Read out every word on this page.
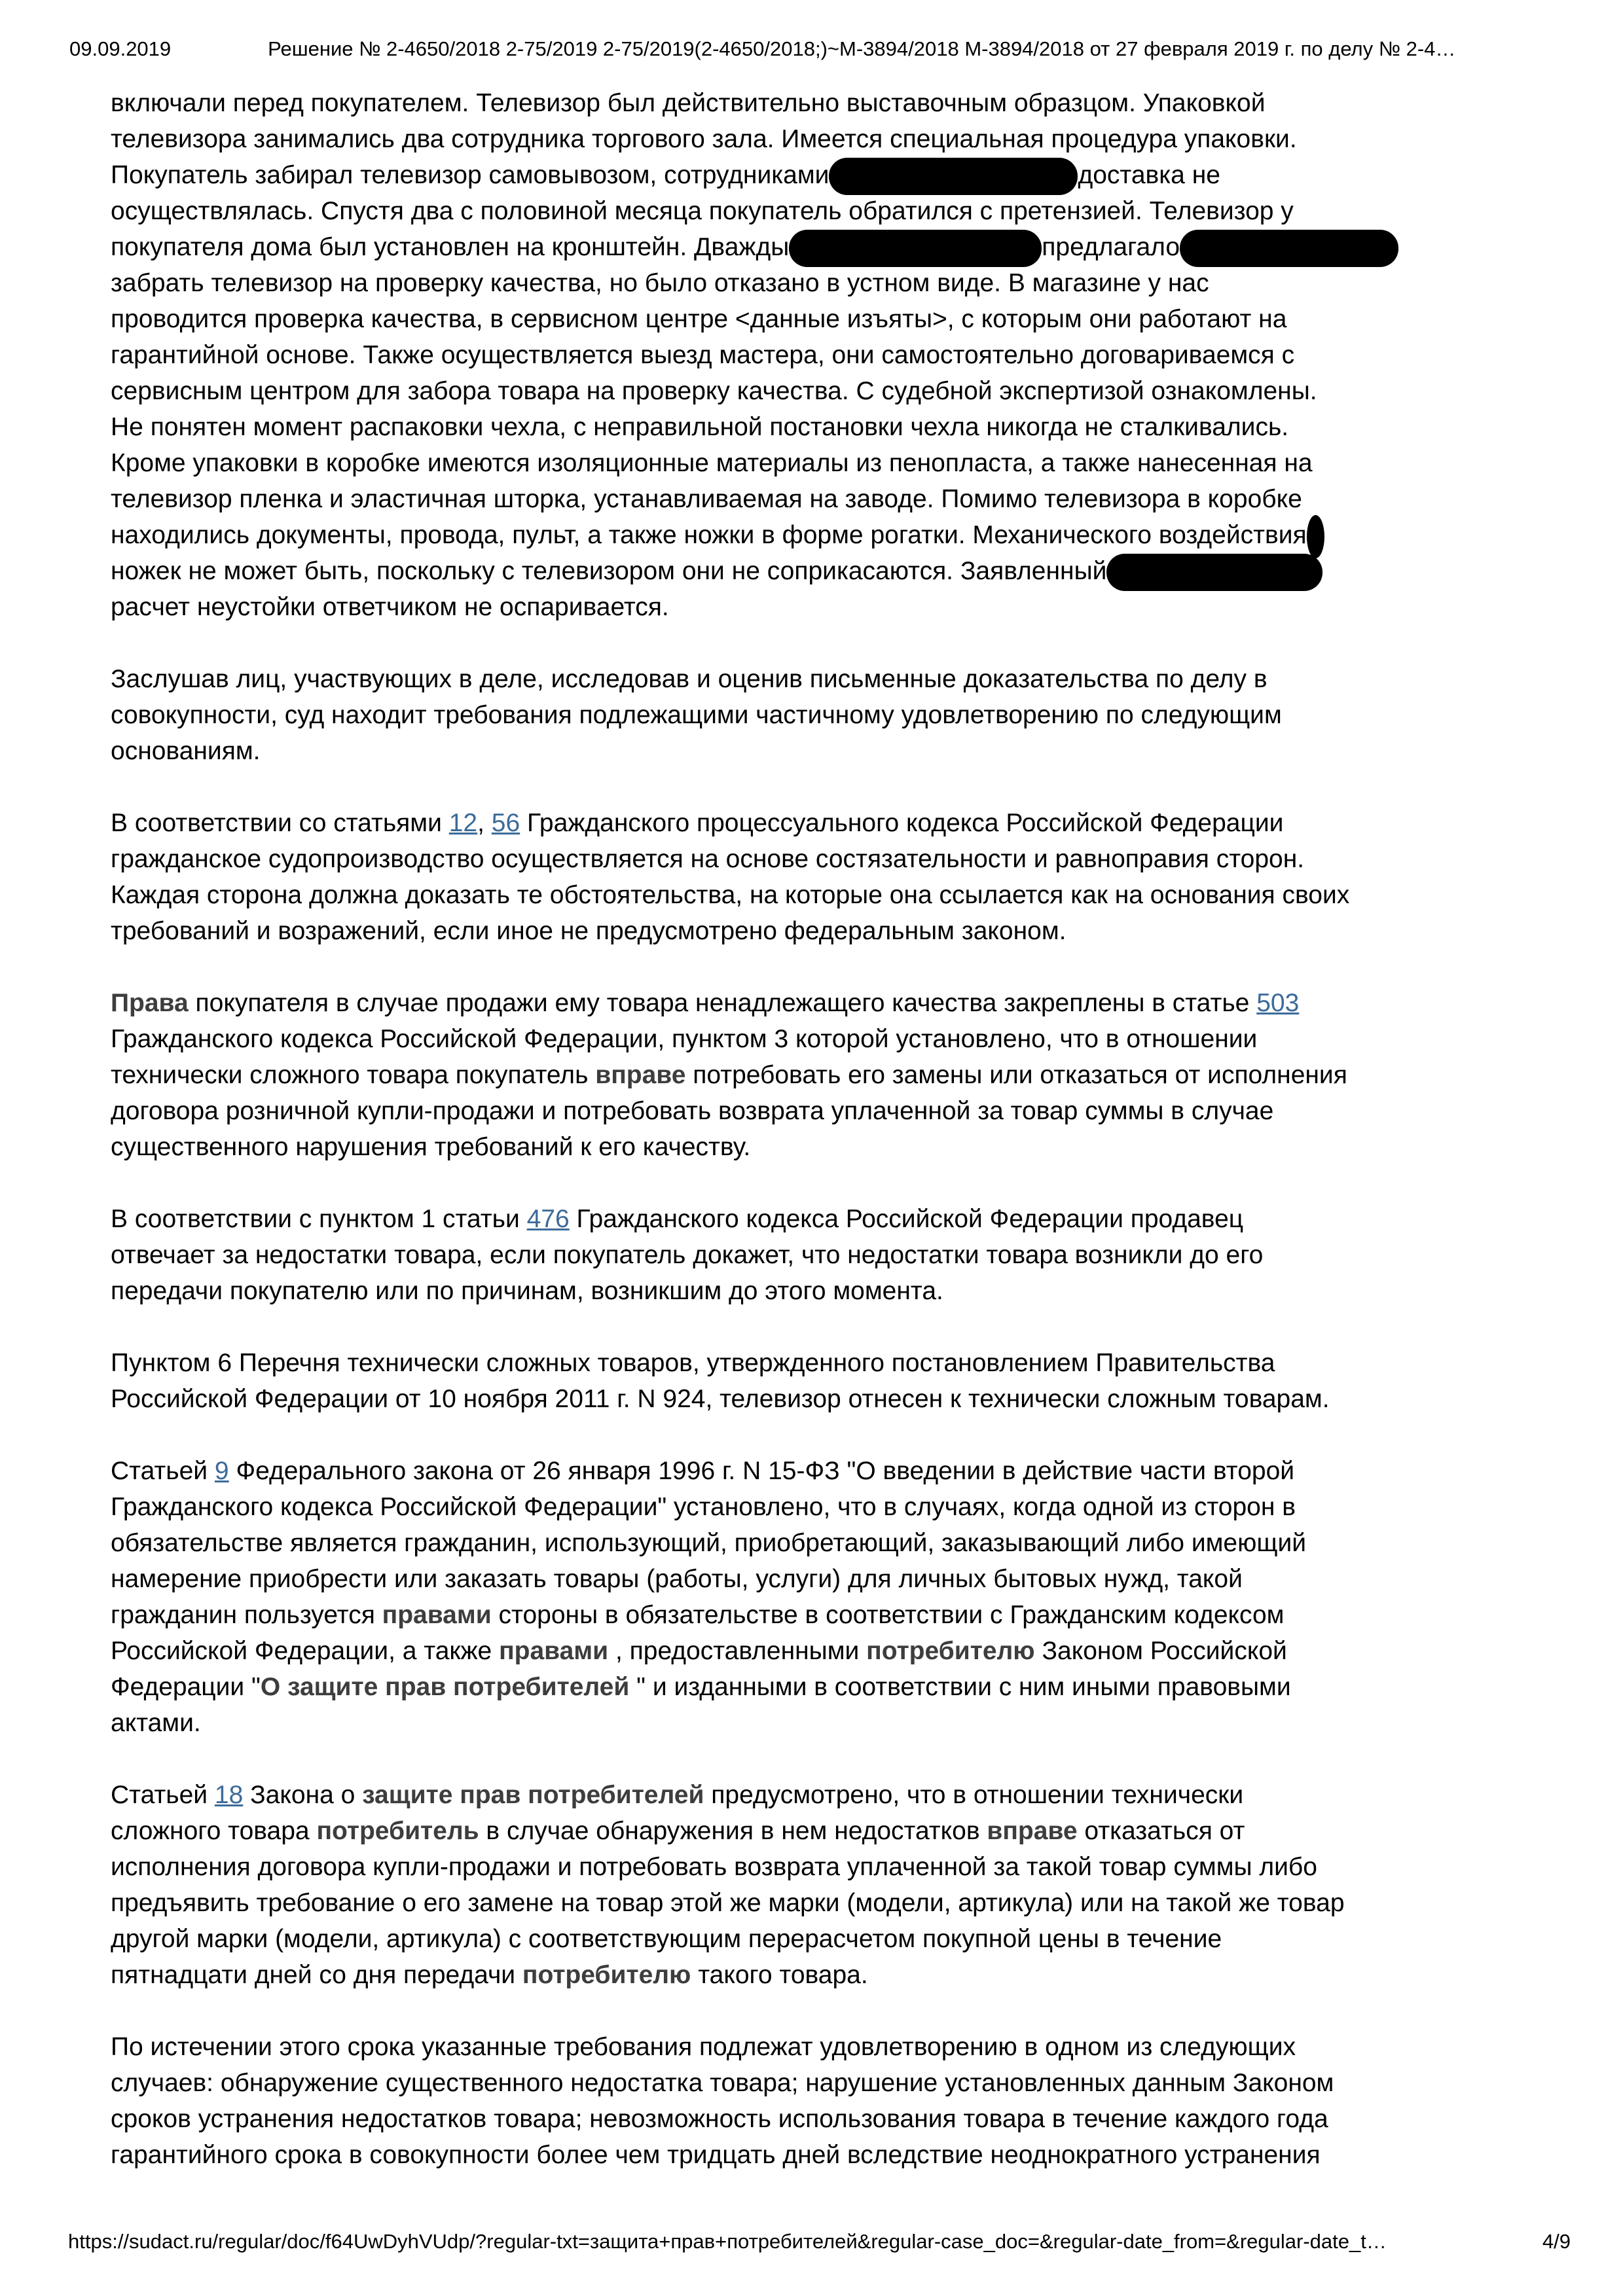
09.09.2019	Решение № 2-4650/2018 2-75/2019 2-75/2019(2-4650/2018;)~М-3894/2018 М-3894/2018 от 27 февраля 2019 г. по делу № 2-4…

включали перед покупателем. Телевизор был действительно выставочным образцом. Упаковкой
телевизора занимались два сотрудника торгового зала. Имеется специальная процедура упаковки.
Покупатель забирал телевизор самовывозом, сотрудниками	доставка не
осуществлялась. Спустя два с половиной месяца покупатель обратился с претензией. Телевизор у
покупателя дома был установлен на кронштейн. Дважды	предлагало
забрать телевизор на проверку качества, но было отказано в устном виде. В магазине у нас
проводится проверка качества, в сервисном центре <данные изъяты>, с которым они работают на
гарантийной основе. Также осуществляется выезд мастера, они самостоятельно договариваемся с
сервисным центром для забора товара на проверку качества. С судебной экспертизой ознакомлены.
Не понятен момент распаковки чехла, с неправильной постановки чехла никогда не сталкивались.
Кроме упаковки в коробке имеются изоляционные материалы из пенопласта, а также нанесенная на
телевизор пленка и эластичная шторка, устанавливаемая на заводе. Помимо телевизора в коробке
находились документы, провода, пульт, а также ножки в форме рогатки. Механического воздействия
ножек не может быть, поскольку с телевизором они не соприкасаются. Заявленный
расчет неустойки ответчиком не оспаривается.

Заслушав лиц, участвующих в деле, исследовав и оценив письменные доказательства по делу в
совокупности, суд находит требования подлежащими частичному удовлетворению по следующим
основаниям.

В соответствии со статьями 12, 56 Гражданского процессуального кодекса Российской Федерации
гражданское судопроизводство осуществляется на основе состязательности и равноправия сторон.
Каждая сторона должна доказать те обстоятельства, на которые она ссылается как на основания своих
требований и возражений, если иное не предусмотрено федеральным законом.

Права покупателя в случае продажи ему товара ненадлежащего качества закреплены в статье 503
Гражданского кодекса Российской Федерации, пунктом 3 которой установлено, что в отношении
технически сложного товара покупатель вправе потребовать его замены или отказаться от исполнения
договора розничной купли-продажи и потребовать возврата уплаченной за товар суммы в случае
существенного нарушения требований к его качеству.

В соответствии с пунктом 1 статьи 476 Гражданского кодекса Российской Федерации продавец
отвечает за недостатки товара, если покупатель докажет, что недостатки товара возникли до его
передачи покупателю или по причинам, возникшим до этого момента.

Пунктом 6 Перечня технически сложных товаров, утвержденного постановлением Правительства
Российской Федерации от 10 ноября 2011 г. N 924, телевизор отнесен к технически сложным товарам.

Статьей 9 Федерального закона от 26 января 1996 г. N 15-ФЗ "О введении в действие части второй
Гражданского кодекса Российской Федерации" установлено, что в случаях, когда одной из сторон в
обязательстве является гражданин, использующий, приобретающий, заказывающий либо имеющий
намерение приобрести или заказать товары (работы, услуги) для личных бытовых нужд, такой
гражданин пользуется правами стороны в обязательстве в соответствии с Гражданским кодексом
Российской Федерации, а также правами , предоставленными потребителю Законом Российской
Федерации "О защите прав потребителей " и изданными в соответствии с ним иными правовыми
актами.

Статьей 18 Закона о защите прав потребителей предусмотрено, что в отношении технически
сложного товара потребитель в случае обнаружения в нем недостатков вправе отказаться от
исполнения договора купли-продажи и потребовать возврата уплаченной за такой товар суммы либо
предъявить требование о его замене на товар этой же марки (модели, артикула) или на такой же товар
другой марки (модели, артикула) с соответствующим перерасчетом покупной цены в течение
пятнадцати дней со дня передачи потребителю такого товара.

По истечении этого срока указанные требования подлежат удовлетворению в одном из следующих
случаев: обнаружение существенного недостатка товара; нарушение установленных данным Законом
сроков устранения недостатков товара; невозможность использования товара в течение каждого года
гарантийного срока в совокупности более чем тридцать дней вследствие неоднократного устранения

https://sudact.ru/regular/doc/f64UwDyhVUdp/?regular-txt=защита+прав+потребителей&regular-case_doc=&regular-date_from=&regular-date_t…	4/9
